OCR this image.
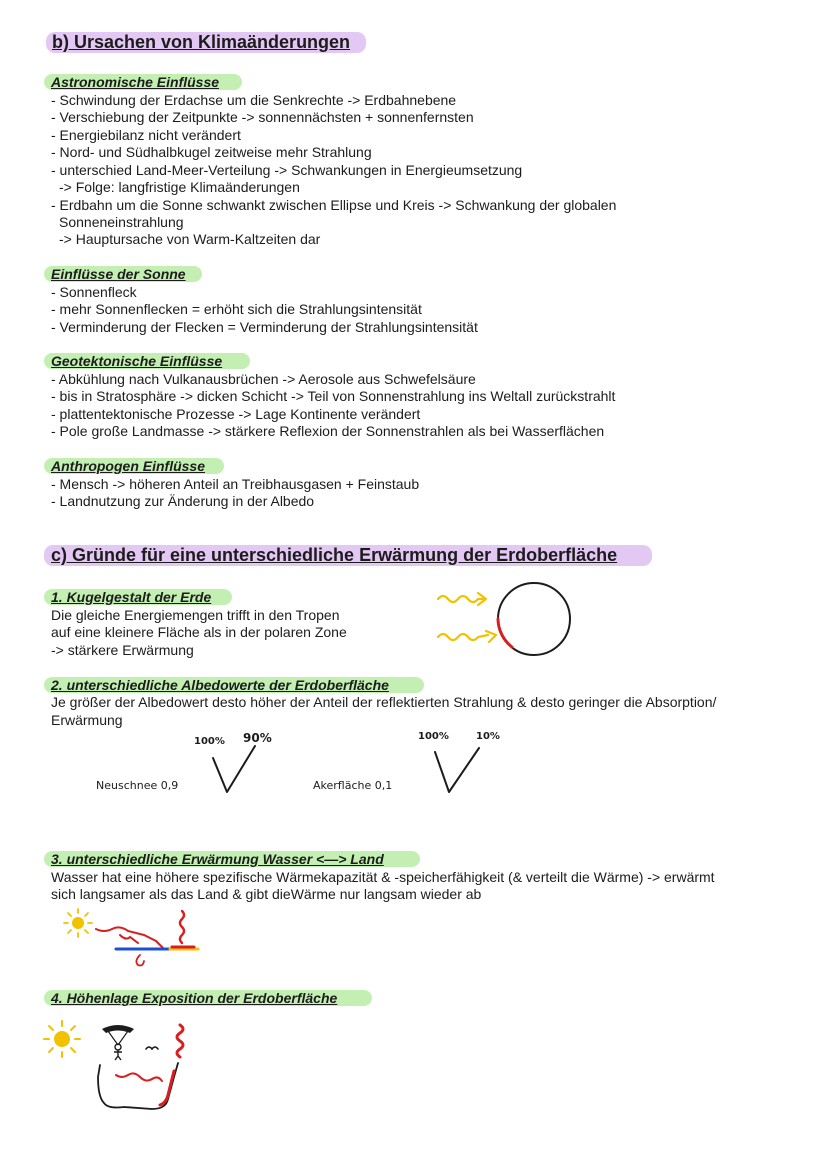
b) Ursachen von Klimaänderungen
Astronomische Einflüsse
- Schwindung der Erdachse um die Senkrechte -> Erdbahnebene
- Verschiebung der Zeitpunkte -> sonnennächsten + sonnenfernsten
- Energiebilanz nicht verändert
- Nord- und Südhalbkugel zeitweise mehr Strahlung
- unterschied Land-Meer-Verteilung -> Schwankungen in Energieumsetzung
-> Folge: langfristige Klimaänderungen
- Erdbahn um die Sonne schwankt zwischen Ellipse und Kreis -> Schwankung der globalen
Sonneneinstrahlung
-> Hauptursache von Warm-Kaltzeiten dar
Einflüsse der Sonne
- Sonnenfleck
- mehr Sonnenflecken = erhöht sich die Strahlungsintensität
- Verminderung der Flecken = Verminderung der Strahlungsintensität
Geotektonische Einflüsse
- Abkühlung nach Vulkanausbrüchen -> Aerosole aus Schwefelsäure
- bis in Stratosphäre -> dicken Schicht -> Teil von Sonnenstrahlung ins Weltall zurückstrahlt
- plattentektonische Prozesse -> Lage Kontinente verändert
- Pole große Landmasse -> stärkere Reflexion der Sonnenstrahlen als bei Wasserflächen
Anthropogen Einflüsse
- Mensch -> höheren Anteil an Treibhausgasen + Feinstaub
- Landnutzung zur Änderung in der Albedo
c) Gründe für eine unterschiedliche Erwärmung der Erdoberfläche
1. Kugelgestalt der Erde
Die gleiche Energiemengen trifft in den Tropen
auf eine kleinere Fläche als in der polaren Zone
-> stärkere Erwärmung
2. unterschiedliche Albedowerte der Erdoberfläche
Je größer der Albedowert desto höher der Anteil der reflektierten Strahlung & desto geringer die Absorption/
Erwärmung
Neuschnee 0,9
100% 90%
Akerfläche 0,1
100%	10%
3. unterschiedliche Erwärmung Wasser <—> Land
Wasser hat eine höhere spezifische Wärmekapazität & -speicherfähigkeit (& verteilt die Wärme) -> erwärmt
sich langsamer als das Land & gibt dieWärme nur langsam wieder ab
4. Höhenlage Exposition der Erdoberfläche
